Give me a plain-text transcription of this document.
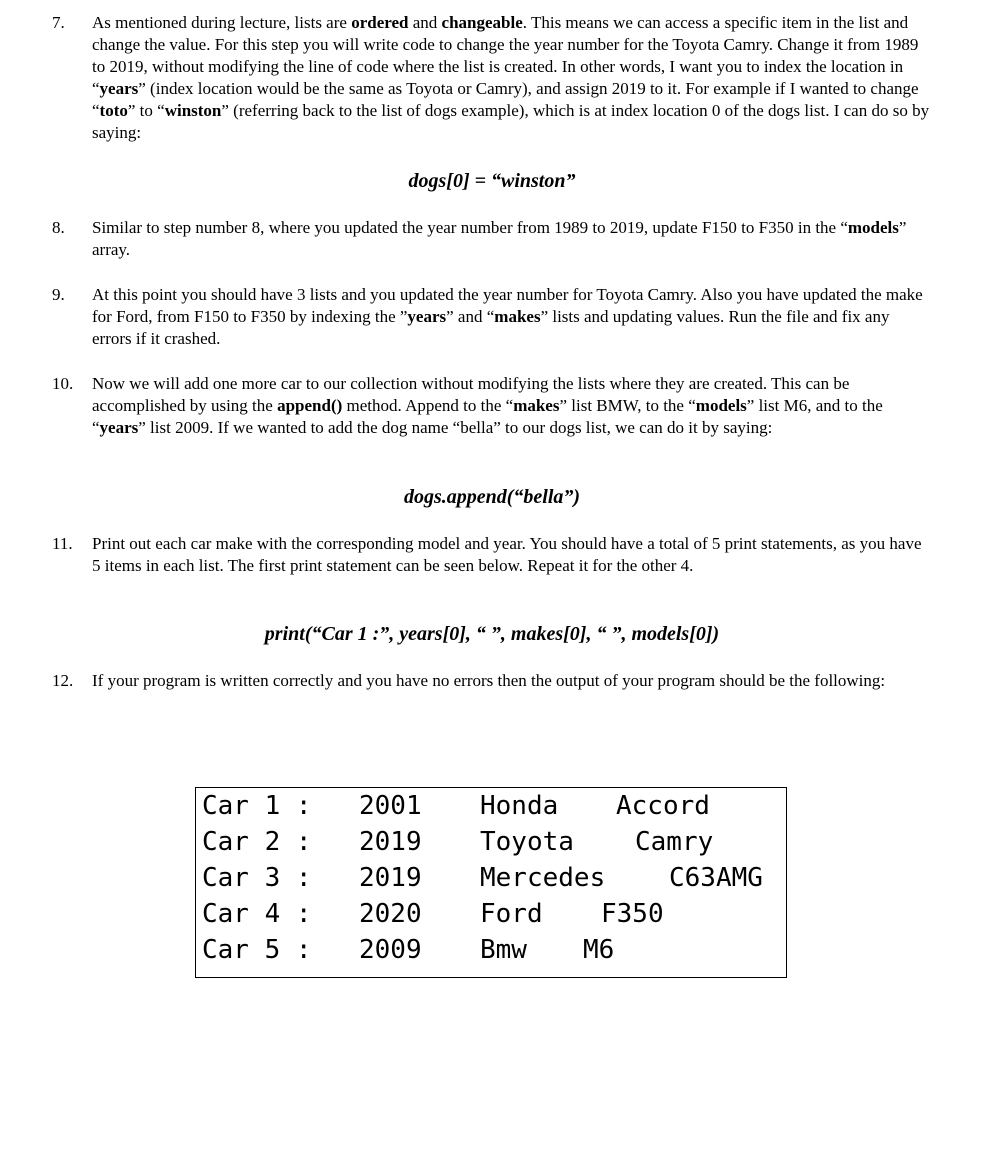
7. As mentioned during lecture, lists are ordered and changeable. This means we can access a specific item in the list and change the value. For this step you will write code to change the year number for the Toyota Camry. Change it from 1989 to 2019, without modifying the line of code where the list is created. In other words, I want you to index the location in “years” (index location would be the same as Toyota or Camry), and assign 2019 to it. For example if I wanted to change “toto” to “winston” (referring back to the list of dogs example), which is at index location 0 of the dogs list. I can do so by saying:

dogs[0] = “winston”
8. Similar to step number 8, where you updated the year number from 1989 to 2019, update F150 to F350 in the “models” array.

9. At this point you should have 3 lists and you updated the year number for Toyota Camry. Also you have updated the make for Ford, from F150 to F350 by indexing the ”years” and “makes” lists and updating values. Run the file and fix any errors if it crashed.

10. Now we will add one more car to our collection without modifying the lists where they are created. This can be accomplished by using the append() method. Append to the “makes” list BMW, to the “models” list M6, and to the “years” list 2009. If we wanted to add the dog name “bella” to our dogs list, we can do it by saying:

dogs.append(“bella”)
11. Print out each car make with the corresponding model and year. You should have a total of 5 print statements, as you have 5 items in each list. The first print statement can be seen below. Repeat it for the other 4.

print(“Car 1 :”, years[0], “ ”, makes[0], “ ”, models[0])
12. If your program is written correctly and you have no errors then the output of your program should be the following:

Car 1 :

2001

Honda

Accord

Car 2 :

2019

Toyota

Camry

Car 3 :

2019

Mercedes

C63AMG

Car 4 :

2020

Ford

F350

Car 5 :

2009

Bmw

M6
